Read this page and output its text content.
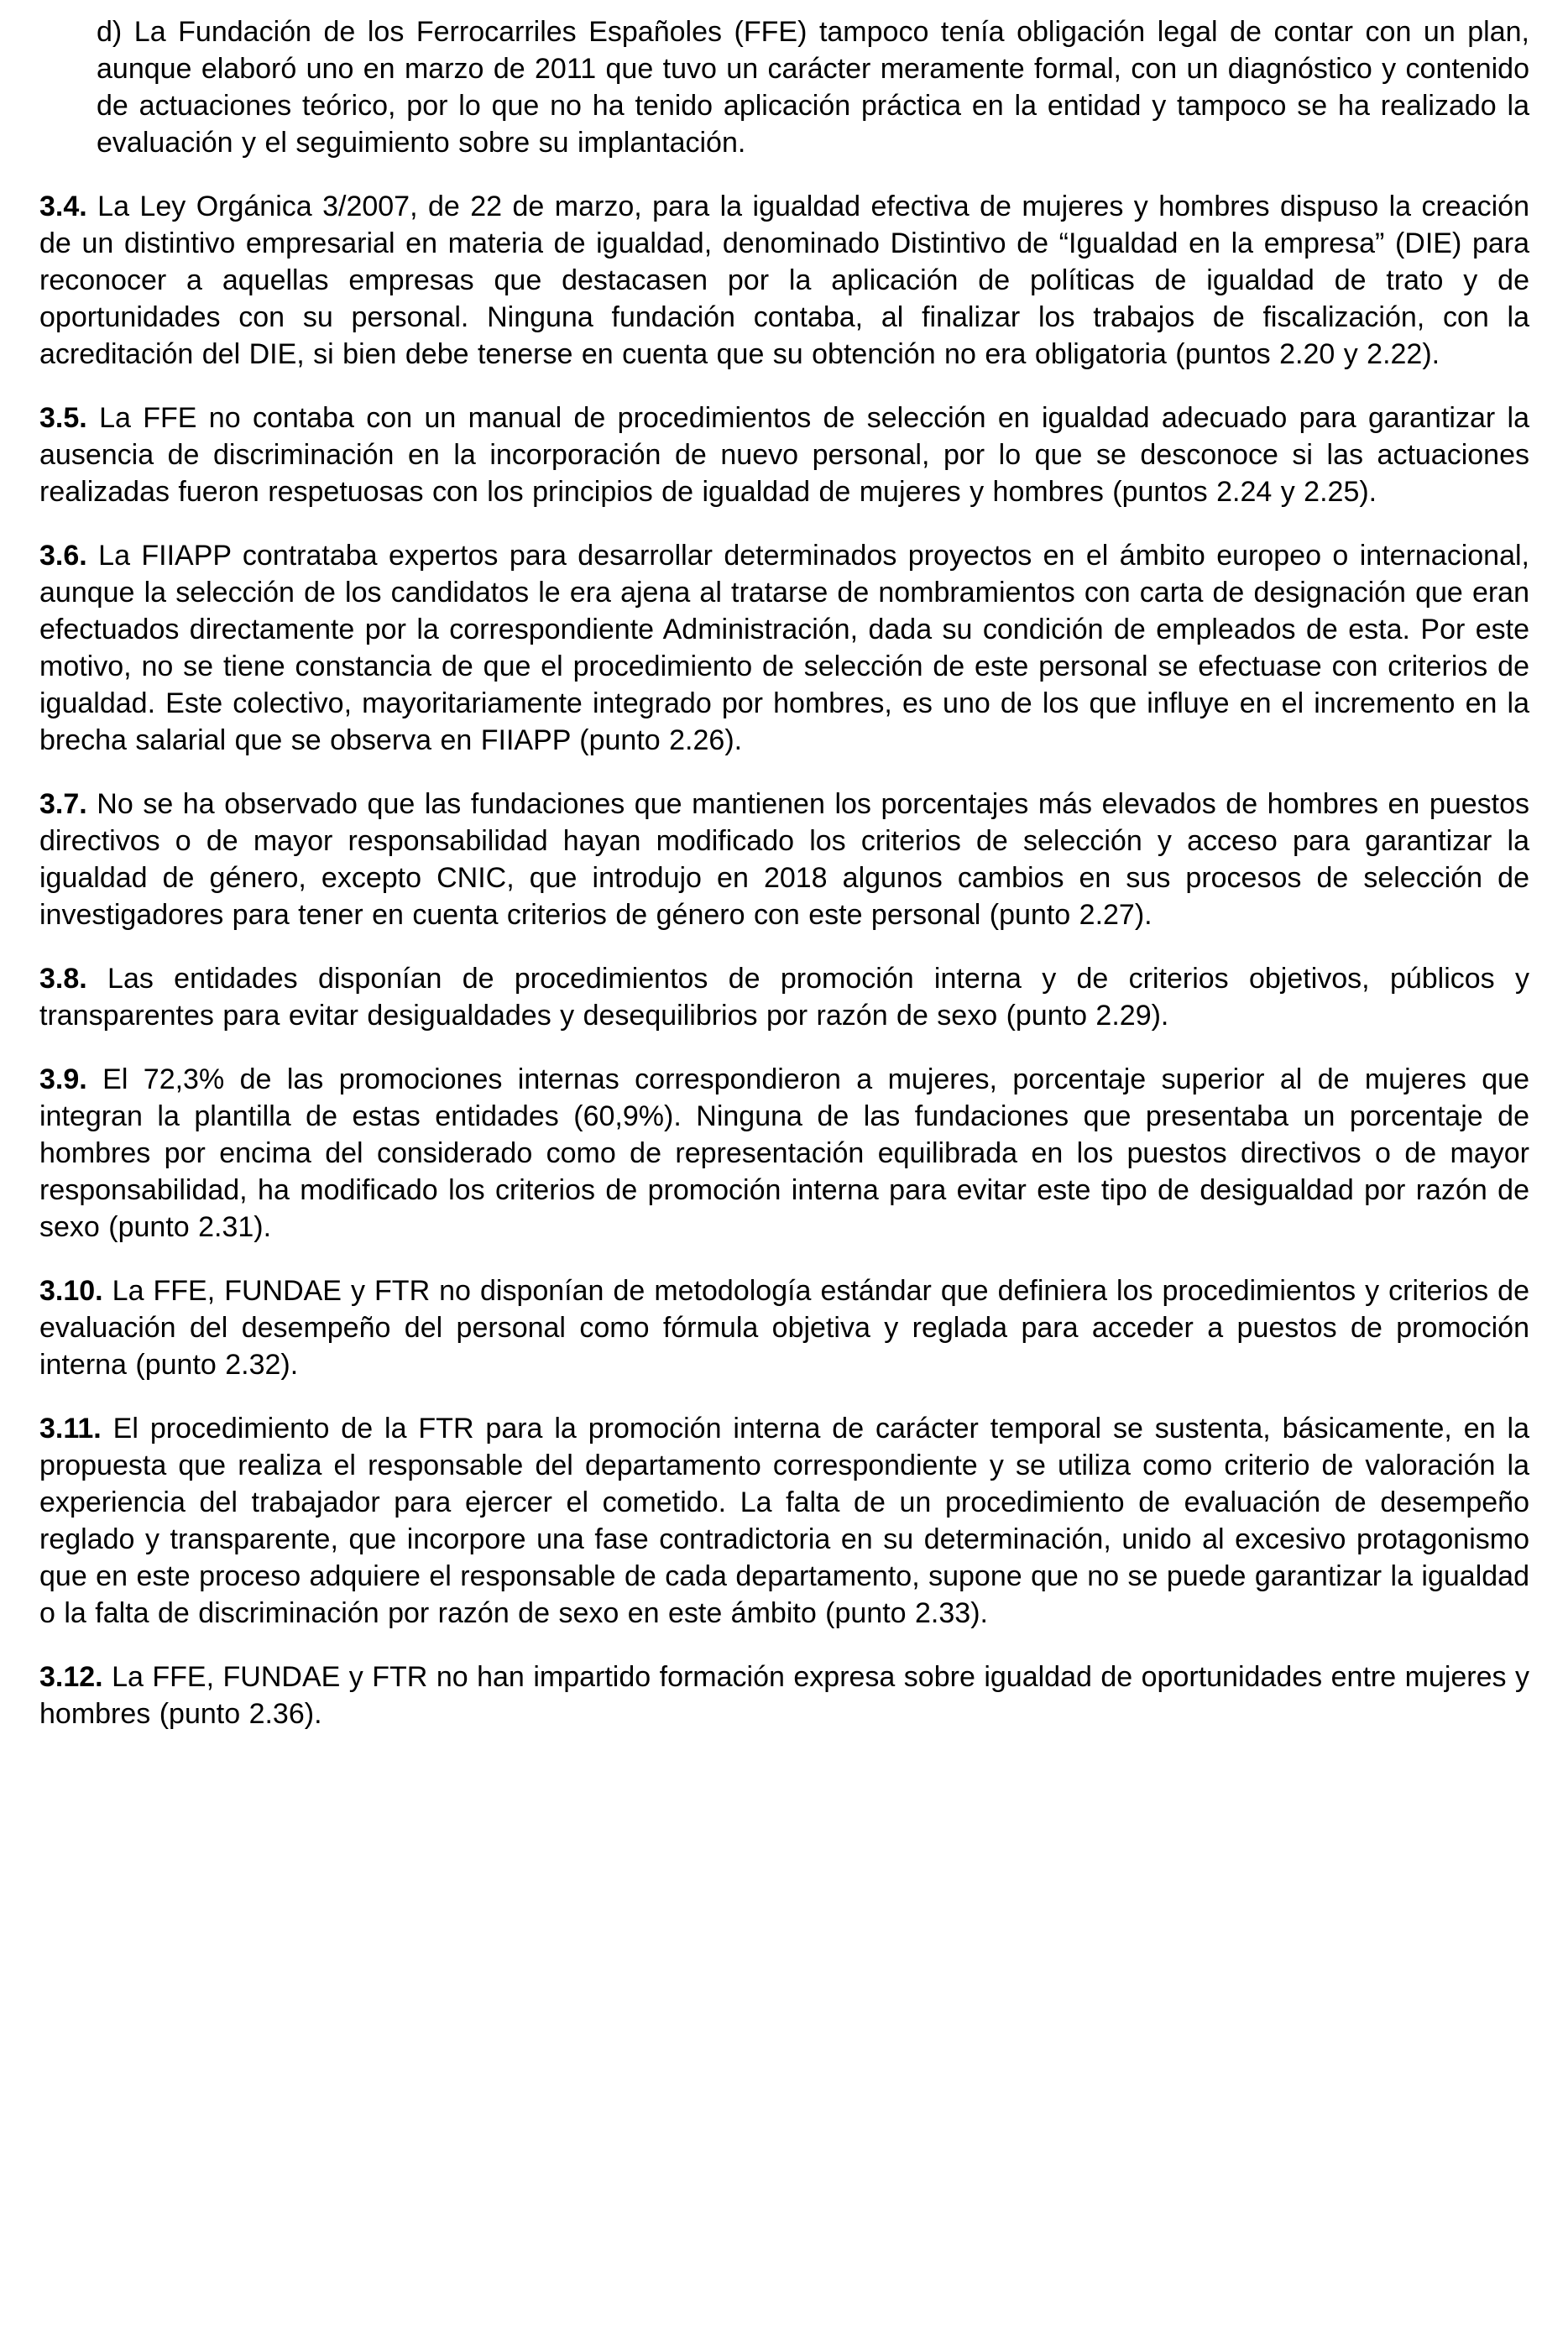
d) La Fundación de los Ferrocarriles Españoles (FFE) tampoco tenía obligación legal de contar con un plan, aunque elaboró uno en marzo de 2011 que tuvo un carácter meramente formal, con un diagnóstico y contenido de actuaciones teórico, por lo que no ha tenido aplicación práctica en la entidad y tampoco se ha realizado la evaluación y el seguimiento sobre su implantación.

3.4. La Ley Orgánica 3/2007, de 22 de marzo, para la igualdad efectiva de mujeres y hombres dispuso la creación de un distintivo empresarial en materia de igualdad, denominado Distintivo de “Igualdad en la empresa” (DIE) para reconocer a aquellas empresas que destacasen por la aplicación de políticas de igualdad de trato y de oportunidades con su personal. Ninguna fundación contaba, al finalizar los trabajos de fiscalización, con la acreditación del DIE, si bien debe tenerse en cuenta que su obtención no era obligatoria (puntos 2.20 y 2.22).

3.5. La FFE no contaba con un manual de procedimientos de selección en igualdad adecuado para garantizar la ausencia de discriminación en la incorporación de nuevo personal, por lo que se desconoce si las actuaciones realizadas fueron respetuosas con los principios de igualdad de mujeres y hombres (puntos 2.24 y 2.25).

3.6. La FIIAPP contrataba expertos para desarrollar determinados proyectos en el ámbito europeo o internacional, aunque la selección de los candidatos le era ajena al tratarse de nombramientos con carta de designación que eran efectuados directamente por la correspondiente Administración, dada su condición de empleados de esta. Por este motivo, no se tiene constancia de que el procedimiento de selección de este personal se efectuase con criterios de igualdad. Este colectivo, mayoritariamente integrado por hombres, es uno de los que influye en el incremento en la brecha salarial que se observa en FIIAPP (punto 2.26).

3.7. No se ha observado que las fundaciones que mantienen los porcentajes más elevados de hombres en puestos directivos o de mayor responsabilidad hayan modificado los criterios de selección y acceso para garantizar la igualdad de género, excepto CNIC, que introdujo en 2018 algunos cambios en sus procesos de selección de investigadores para tener en cuenta criterios de género con este personal (punto 2.27).

3.8. Las entidades disponían de procedimientos de promoción interna y de criterios objetivos, públicos y transparentes para evitar desigualdades y desequilibrios por razón de sexo (punto 2.29).

3.9. El 72,3% de las promociones internas correspondieron a mujeres, porcentaje superior al de mujeres que integran la plantilla de estas entidades (60,9%). Ninguna de las fundaciones que presentaba un porcentaje de hombres por encima del considerado como de representación equilibrada en los puestos directivos o de mayor responsabilidad, ha modificado los criterios de promoción interna para evitar este tipo de desigualdad por razón de sexo (punto 2.31).

3.10. La FFE, FUNDAE y FTR no disponían de metodología estándar que definiera los procedimientos y criterios de evaluación del desempeño del personal como fórmula objetiva y reglada para acceder a puestos de promoción interna (punto 2.32).

3.11. El procedimiento de la FTR para la promoción interna de carácter temporal se sustenta, básicamente, en la propuesta que realiza el responsable del departamento correspondiente y se utiliza como criterio de valoración la experiencia del trabajador para ejercer el cometido. La falta de un procedimiento de evaluación de desempeño reglado y transparente, que incorpore una fase contradictoria en su determinación, unido al excesivo protagonismo que en este proceso adquiere el responsable de cada departamento, supone que no se puede garantizar la igualdad o la falta de discriminación por razón de sexo en este ámbito (punto 2.33).

3.12. La FFE, FUNDAE y FTR no han impartido formación expresa sobre igualdad de oportunidades entre mujeres y hombres (punto 2.36).
